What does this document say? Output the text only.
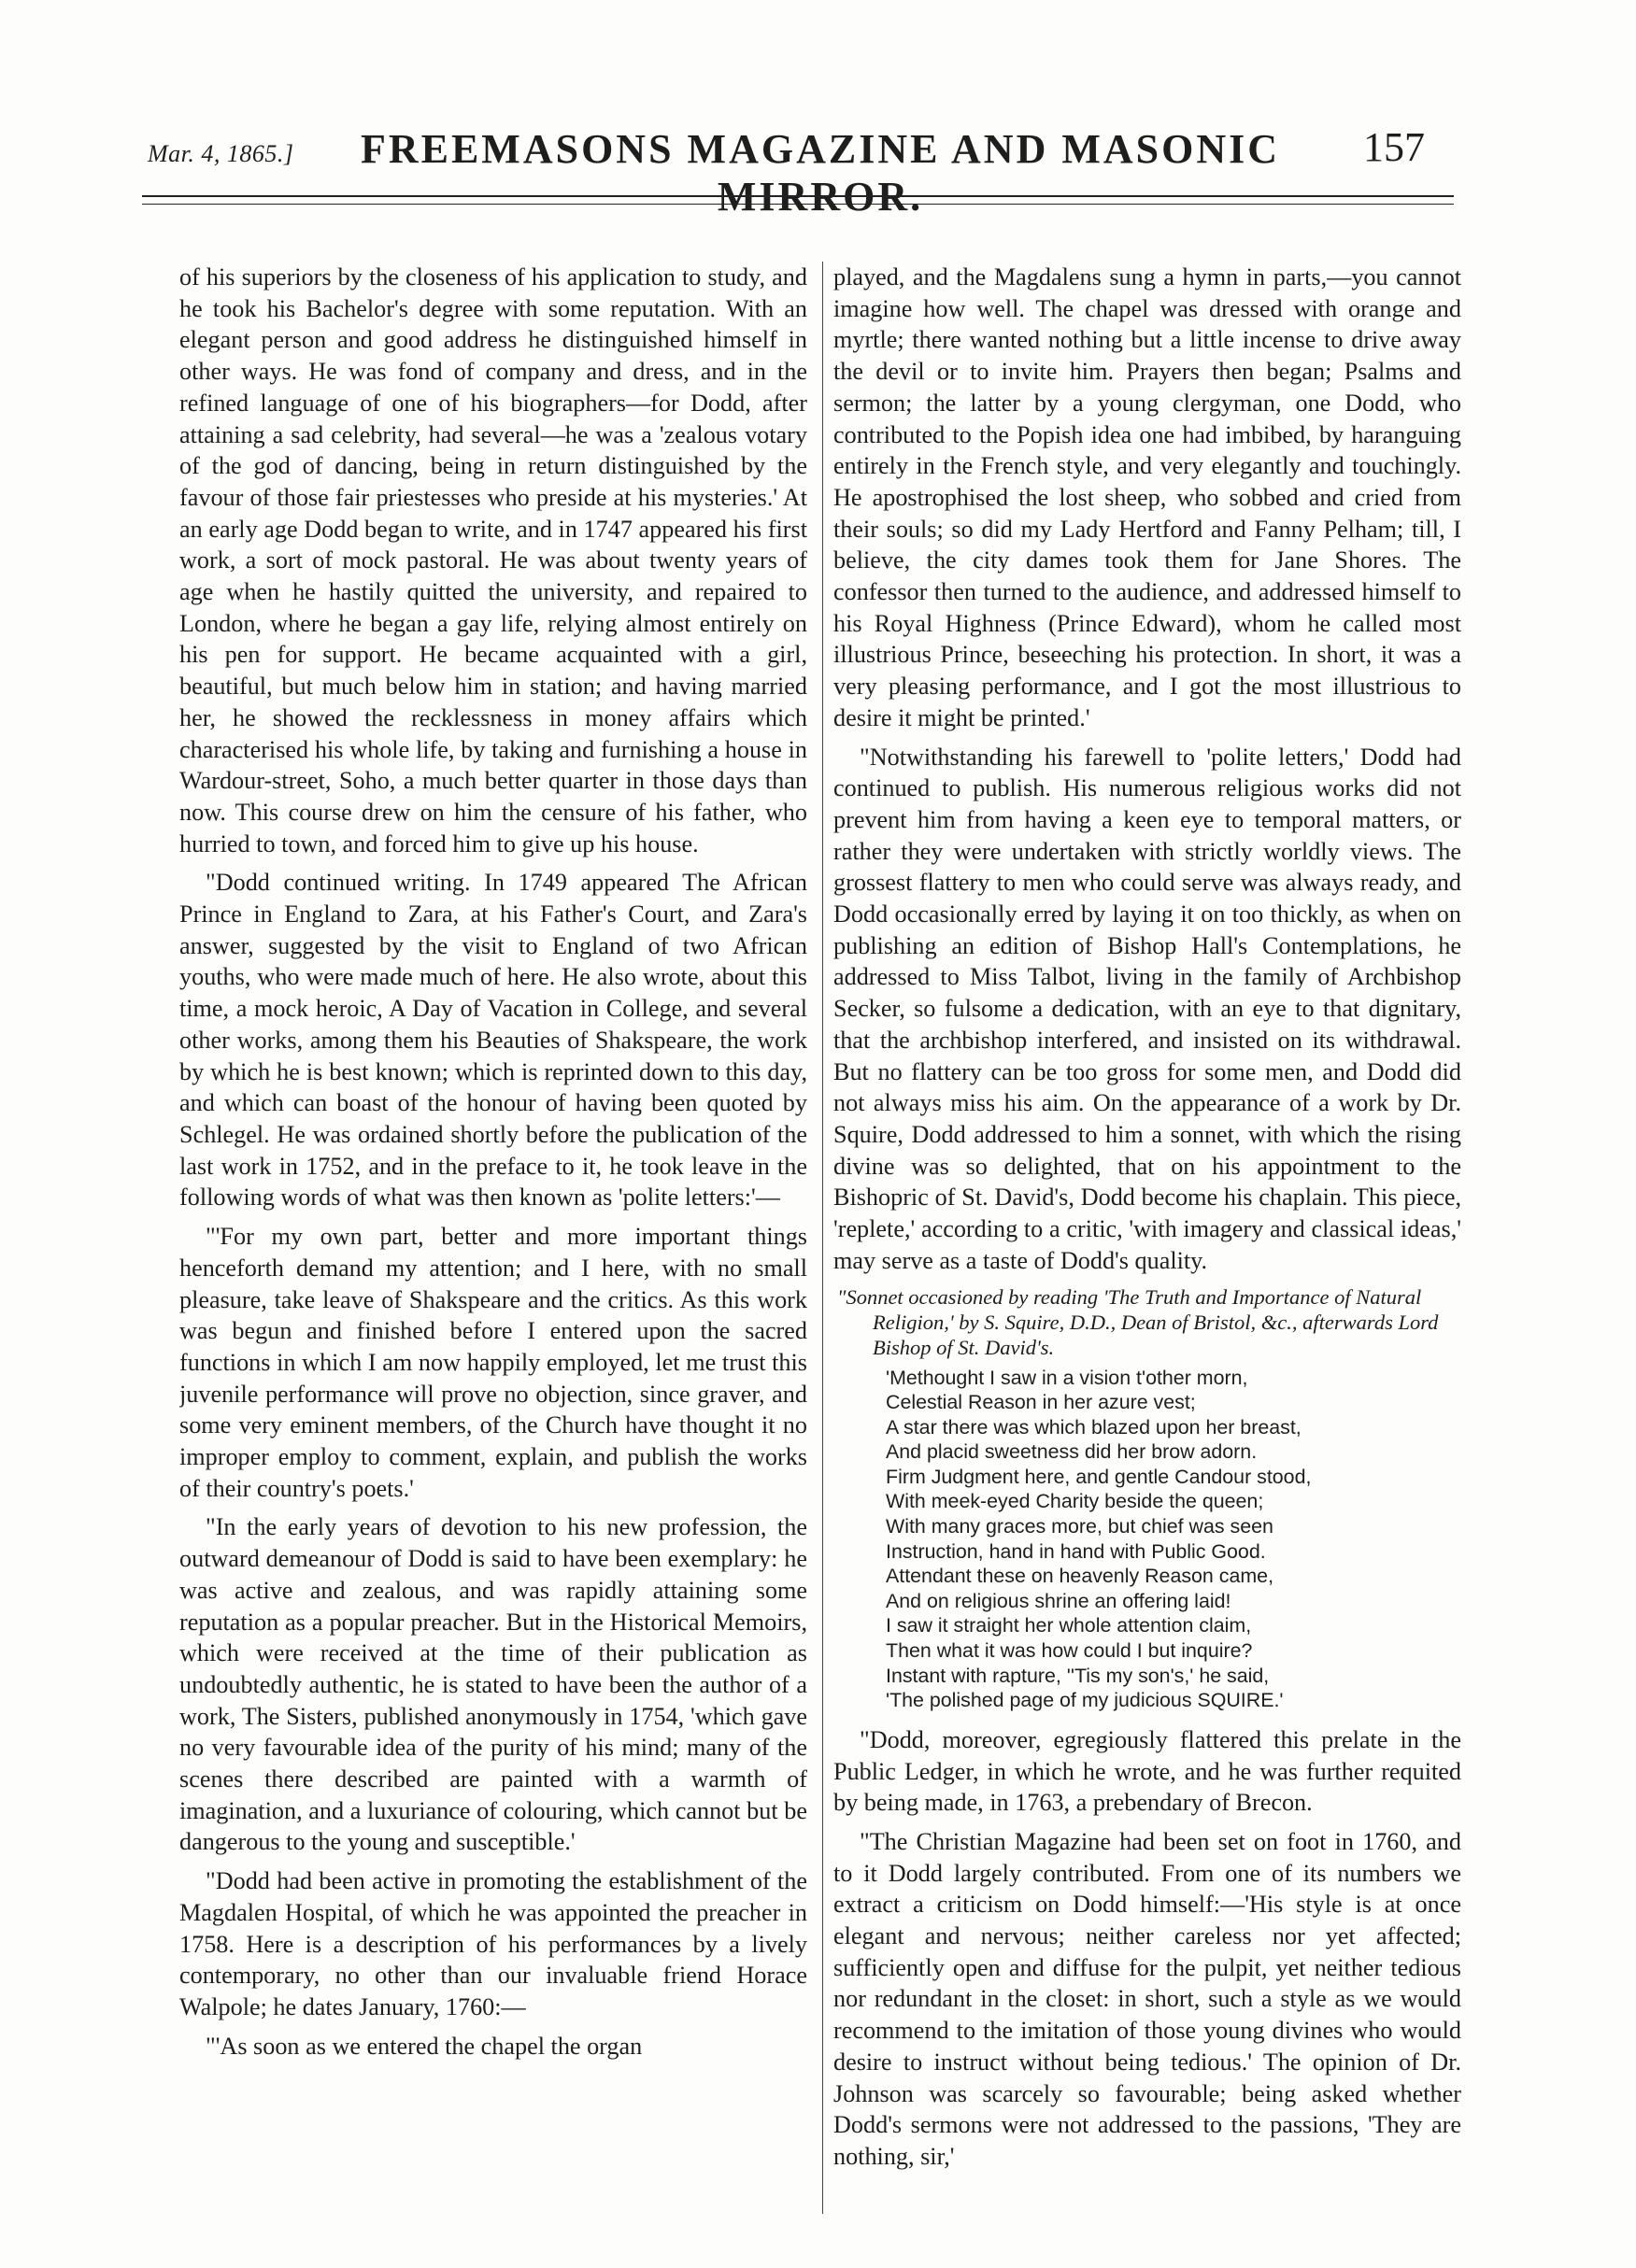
Mar. 4, 1865.]	FREEMASONS MAGAZINE AND MASONIC MIRROR.
157

of his superiors by the closeness of his application to study, and he took his Bachelor's degree with some reputation. With an elegant person and good address he distinguished himself in other ways. He was fond of company and dress, and in the refined language of one of his biographers—for Dodd, after attaining a sad celebrity, had several—he was a 'zealous votary of the god of dancing, being in return distinguished by the favour of those fair priestesses who preside at his mysteries.' At an early age Dodd began to write, and in 1747 appeared his first work, a sort of mock pastoral. He was about twenty years of age when he hastily quitted the university, and repaired to London, where he began a gay life, relying almost entirely on his pen for support. He became acquainted with a girl, beautiful, but much below him in station; and having married her, he showed the recklessness in money affairs which characterised his whole life, by taking and furnishing a house in Wardour-street, Soho, a much better quarter in those days than now. This course drew on him the censure of his father, who hurried to town, and forced him to give up his house.

"Dodd continued writing. In 1749 appeared The African Prince in England to Zara, at his Father's Court, and Zara's answer, suggested by the visit to England of two African youths, who were made much of here. He also wrote, about this time, a mock heroic, A Day of Vacation in College, and several other works, among them his Beauties of Shakspeare, the work by which he is best known; which is reprinted down to this day, and which can boast of the honour of having been quoted by Schlegel. He was ordained shortly before the publication of the last work in 1752, and in the preface to it, he took leave in the following words of what was then known as 'polite letters:'—

"'For my own part, better and more important things henceforth demand my attention; and I here, with no small pleasure, take leave of Shakspeare and the critics. As this work was begun and finished before I entered upon the sacred functions in which I am now happily employed, let me trust this juvenile performance will prove no objection, since graver, and some very eminent members, of the Church have thought it no improper employ to comment, explain, and publish the works of their country's poets.'

"In the early years of devotion to his new profession, the outward demeanour of Dodd is said to have been exemplary: he was active and zealous, and was rapidly attaining some reputation as a popular preacher. But in the Historical Memoirs, which were received at the time of their publication as undoubtedly authentic, he is stated to have been the author of a work, The Sisters, published anonymously in 1754, 'which gave no very favourable idea of the purity of his mind; many of the scenes there described are painted with a warmth of imagination, and a luxuriance of colouring, which cannot but be dangerous to the young and susceptible.'

"Dodd had been active in promoting the establishment of the Magdalen Hospital, of which he was appointed the preacher in 1758. Here is a description of his performances by a lively contemporary, no other than our invaluable friend Horace Walpole; he dates January, 1760:—

"'As soon as we entered the chapel the organ

played, and the Magdalens sung a hymn in parts,—you cannot imagine how well. The chapel was dressed with orange and myrtle; there wanted nothing but a little incense to drive away the devil or to invite him. Prayers then began; Psalms and sermon; the latter by a young clergyman, one Dodd, who contributed to the Popish idea one had imbibed, by haranguing entirely in the French style, and very elegantly and touchingly. He apostrophised the lost sheep, who sobbed and cried from their souls; so did my Lady Hertford and Fanny Pelham; till, I believe, the city dames took them for Jane Shores. The confessor then turned to the audience, and addressed himself to his Royal Highness (Prince Edward), whom he called most illustrious Prince, beseeching his protection. In short, it was a very pleasing performance, and I got the most illustrious to desire it might be printed.'

"Notwithstanding his farewell to 'polite letters,' Dodd had continued to publish. His numerous religious works did not prevent him from having a keen eye to temporal matters, or rather they were undertaken with strictly worldly views. The grossest flattery to men who could serve was always ready, and Dodd occasionally erred by laying it on too thickly, as when on publishing an edition of Bishop Hall's Contemplations, he addressed to Miss Talbot, living in the family of Archbishop Secker, so fulsome a dedication, with an eye to that dignitary, that the archbishop interfered, and insisted on its withdrawal. But no flattery can be too gross for some men, and Dodd did not always miss his aim. On the appearance of a work by Dr. Squire, Dodd addressed to him a sonnet, with which the rising divine was so delighted, that on his appointment to the Bishopric of St. David's, Dodd become his chaplain. This piece, 'replete,' according to a critic, 'with imagery and classical ideas,' may serve as a taste of Dodd's quality.

"Sonnet occasioned by reading 'The Truth and Importance of Natural Religion,' by S. Squire, D.D., Dean of Bristol, &c., afterwards Lord Bishop of St. David's.
'Methought I saw in a vision t'other morn,
Celestial Reason in her azure vest;
A star there was which blazed upon her breast,
And placid sweetness did her brow adorn.
Firm Judgment here, and gentle Candour stood,
With meek-eyed Charity beside the queen;
With many graces more, but chief was seen
Instruction, hand in hand with Public Good.
Attendant these on heavenly Reason came,
And on religious shrine an offering laid!
I saw it straight her whole attention claim,
Then what it was how could I but inquire?
Instant with rapture, ''Tis my son's,' he said,
'The polished page of my judicious SQUIRE.'

"Dodd, moreover, egregiously flattered this prelate in the Public Ledger, in which he wrote, and he was further requited by being made, in 1763, a prebendary of Brecon.

"The Christian Magazine had been set on foot in 1760, and to it Dodd largely contributed. From one of its numbers we extract a criticism on Dodd himself:—'His style is at once elegant and nervous; neither careless nor yet affected; sufficiently open and diffuse for the pulpit, yet neither tedious nor redundant in the closet: in short, such a style as we would recommend to the imitation of those young divines who would desire to instruct without being tedious.' The opinion of Dr. Johnson was scarcely so favourable; being asked whether Dodd's sermons were not addressed to the passions, 'They are nothing, sir,'
